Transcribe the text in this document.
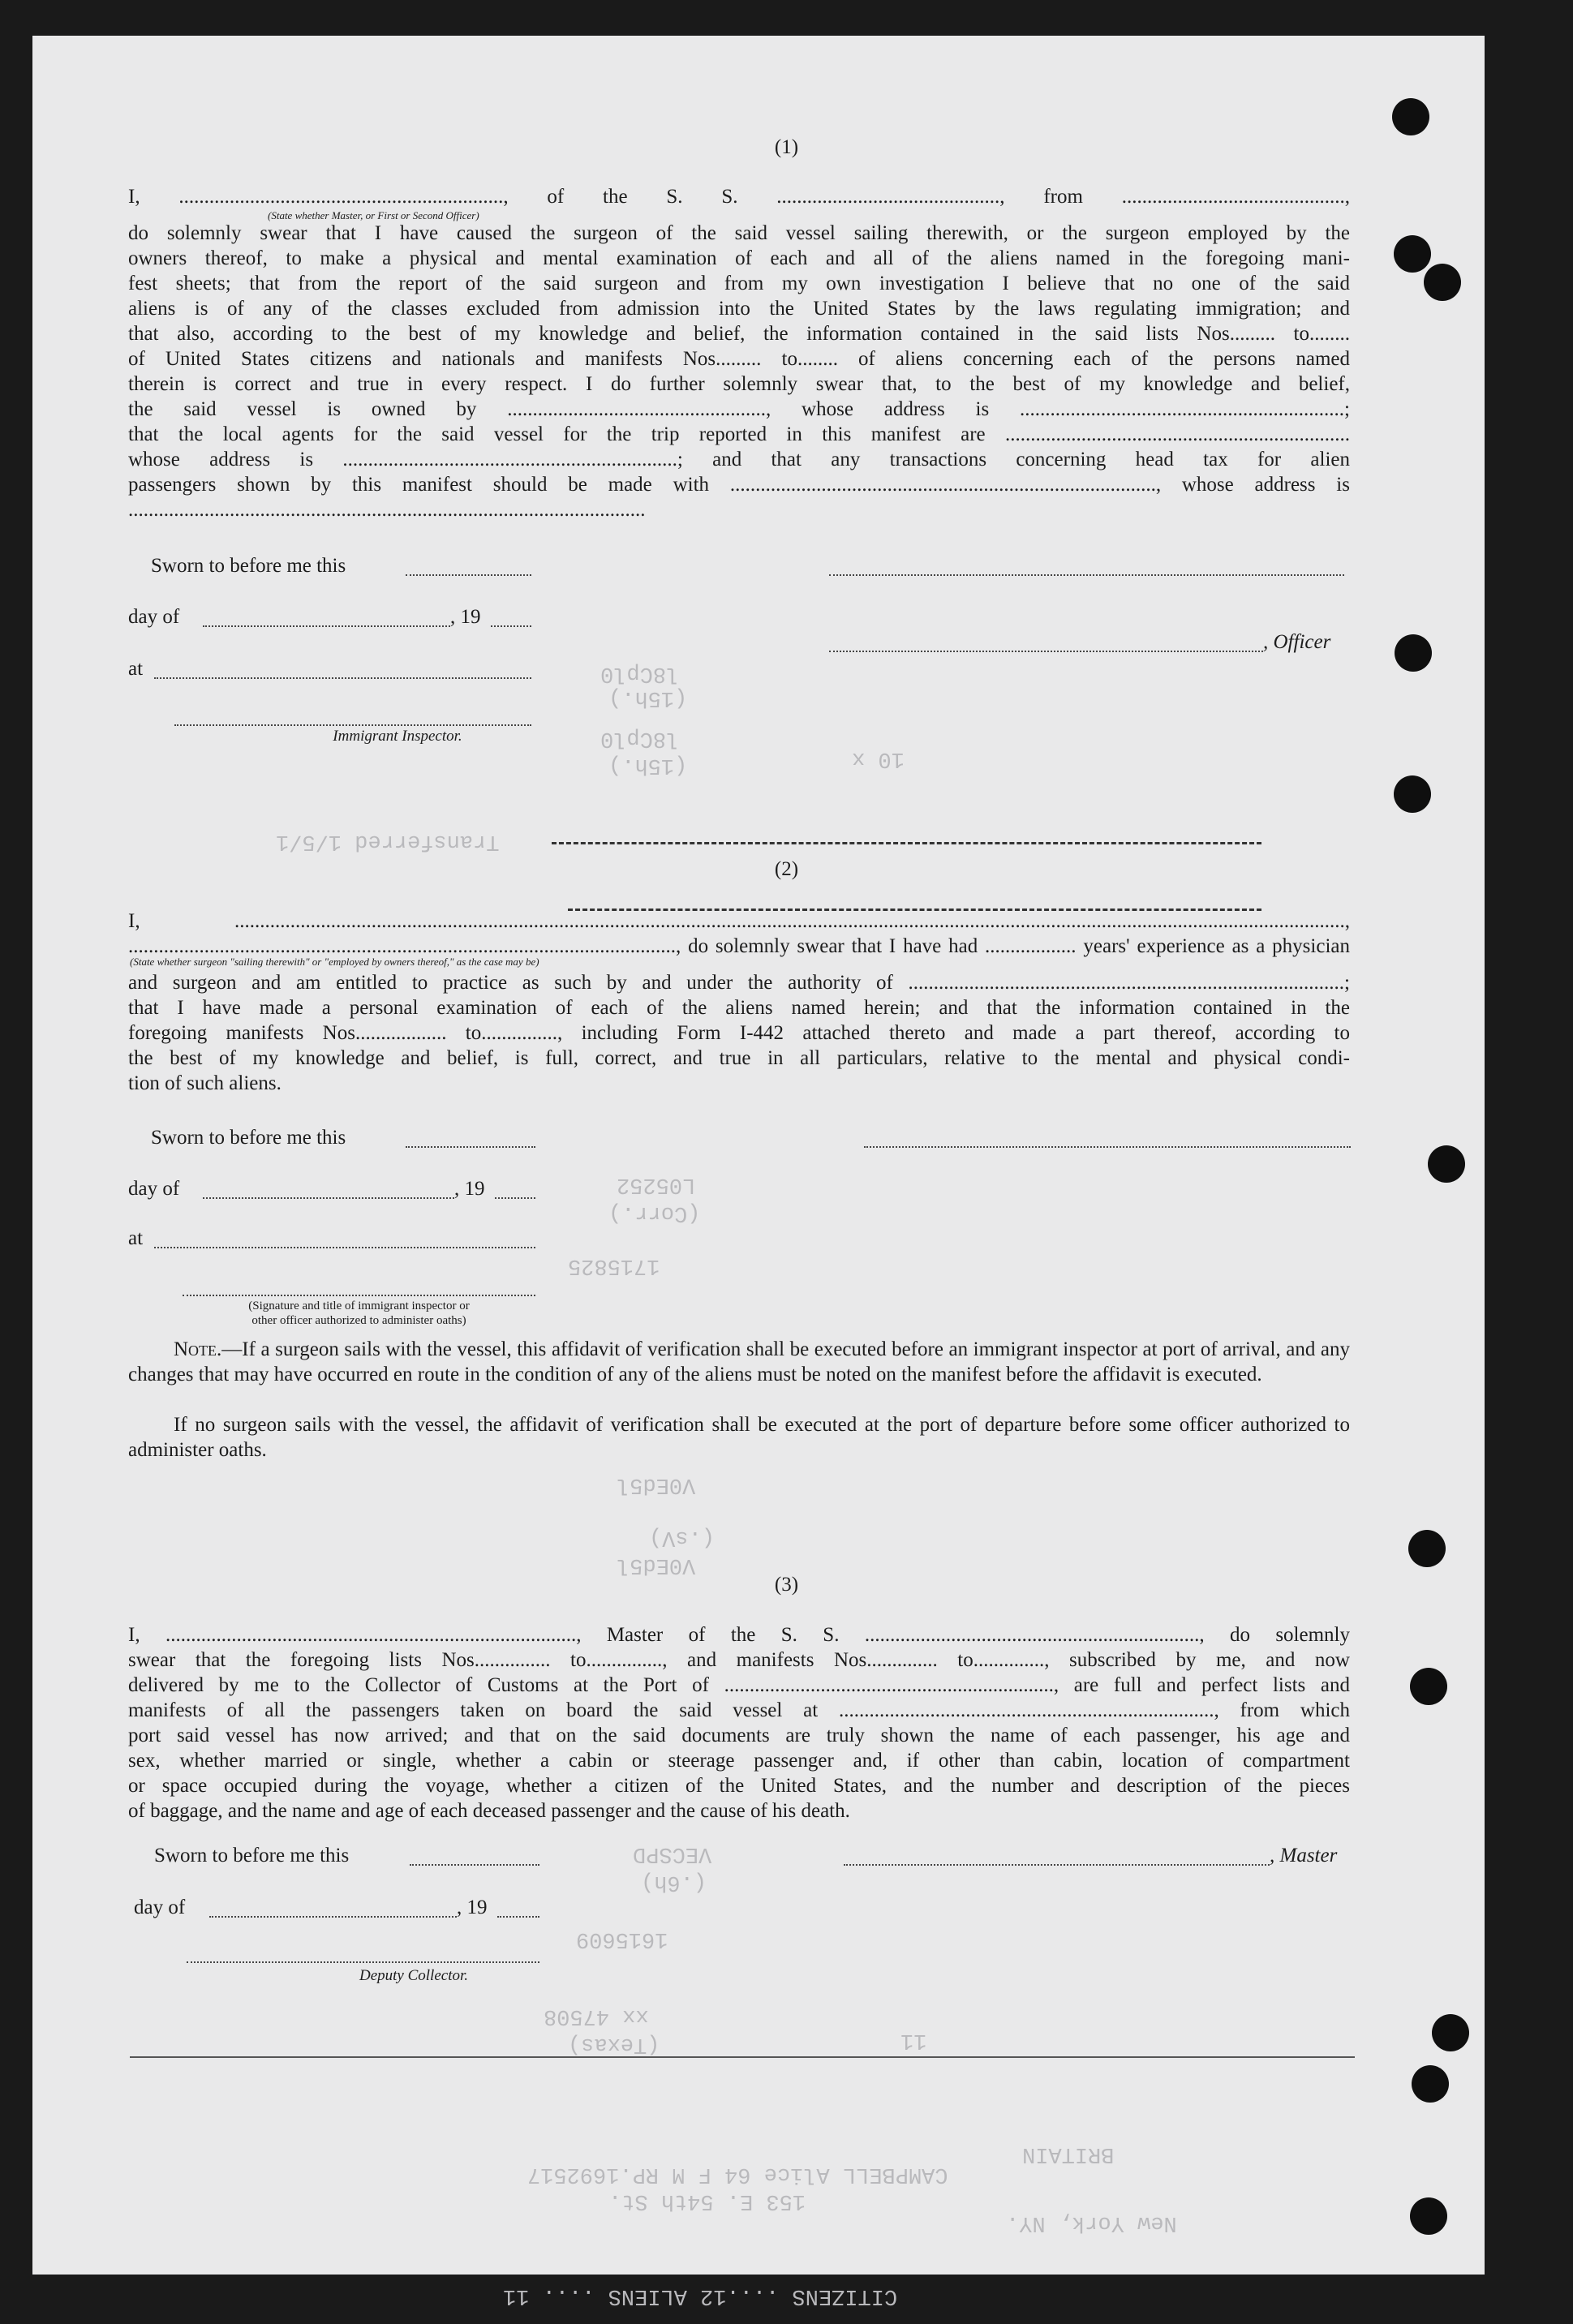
l8Cpl0
(15h.)
l8Cpl0
(15h.)	10 x
Transferred 1/5/1
L05252
(Corr.)
1715825
V0Ed5l
(.sV)
V0Ed5l
VECSPD
(.6h)
1615609
xx 47508
(Texas)	11
CAMPBELL Alice 64 F M RP.1692517
153 E. 54th St.
BRITAIN
New York, NY.
CITIZENS ....12 ALIENS .... 11
(1)
(State whether Master, or First or Second Officer)
I, ................................................................, of the S. S. ............................................, from ............................................,
do solemnly swear that I have caused the surgeon of the said vessel sailing therewith, or the surgeon employed by the
owners thereof, to make a physical and mental examination of each and all of the aliens named in the foregoing mani-
fest sheets; that from the report of the said surgeon and from my own investigation I believe that no one of the said
aliens is of any of the classes excluded from admission into the United States by the laws regulating immigration; and
that also, according to the best of my knowledge and belief, the information contained in the said lists Nos......... to........
of United States citizens and nationals and manifests Nos......... to........ of aliens concerning each of the persons named
therein is correct and true in every respect. I do further solemnly swear that, to the best of my knowledge and belief,
the said vessel is owned by ..................................................., whose address is ................................................................;
that the local agents for the said vessel for the trip reported in this manifest are ....................................................................
whose address is ..................................................................; and that any transactions concerning head tax for alien
passengers shown by this manifest should be made with ...................................................................................., whose address is
......................................................................................................
Sworn to before me this
day of	, 19
at
Immigrant Inspector.
, Officer
(2)
(State whether surgeon "sailing therewith" or "employed by owners thereof," as the case may be)
I, ...........................................................................................................................................................................................................................,
............................................................................................................, do solemnly swear that I have had .................. years' experience as a physician
and surgeon and am entitled to practice as such by and under the authority of ......................................................................................;
that I have made a personal examination of each of the aliens named herein; and that the information contained in the
foregoing manifests Nos.................. to..............., including Form I-442 attached thereto and made a part thereof, according to
the best of my knowledge and belief, is full, correct, and true in all particulars, relative to the mental and physical condi-
tion of such aliens.
Sworn to before me this
day of	, 19
at
(Signature and title of immigrant inspector or
other officer authorized to administer oaths)
Note.—If a surgeon sails with the vessel, this affidavit of verification shall be executed before an immigrant inspector at port of arrival, and any changes that may have occurred en route in the condition of any of the aliens must be noted on the manifest before the affidavit is executed.
If no surgeon sails with the vessel, the affidavit of verification shall be executed at the port of departure before some officer authorized to administer oaths.
(3)
I, ................................................................................., Master of the S. S. .................................................................., do solemnly
swear that the foregoing lists Nos............... to..............., and manifests Nos.............. to.............., subscribed by me, and now
delivered by me to the Collector of Customs at the Port of ................................................................., are full and perfect lists and
manifests of all the passengers taken on board the said vessel at .........................................................................., from which
port said vessel has now arrived; and that on the said documents are truly shown the name of each passenger, his age and
sex, whether married or single, whether a cabin or steerage passenger and, if other than cabin, location of compartment
or space occupied during the voyage, whether a citizen of the United States, and the number and description of the pieces
of baggage, and the name and age of each deceased passenger and the cause of his death.
Sworn to before me this
day of	, 19
Deputy Collector.
, Master
